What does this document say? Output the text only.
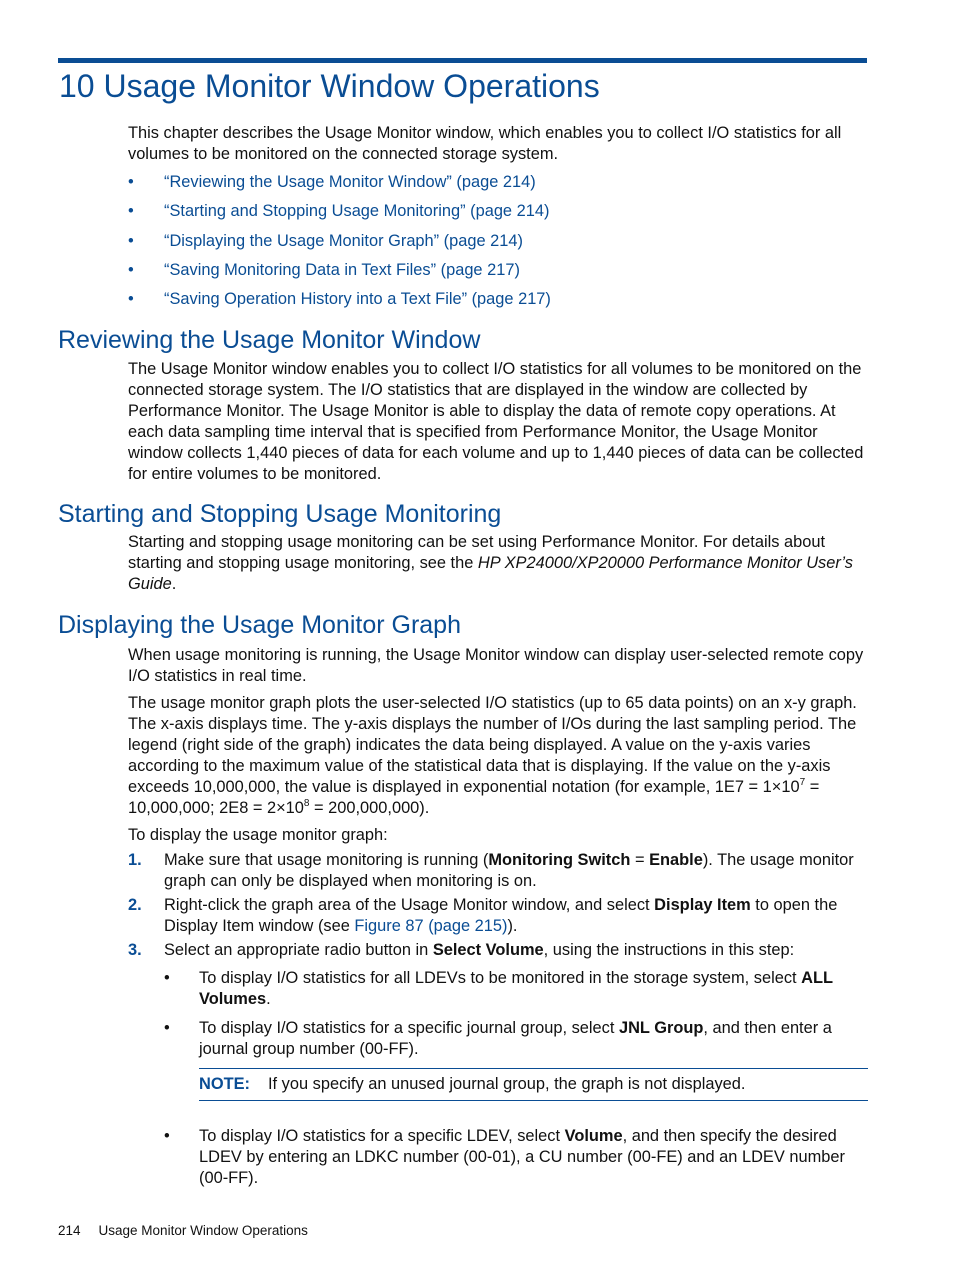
10 Usage Monitor Window Operations

This chapter describes the Usage Monitor window, which enables you to collect I/O statistics for all volumes to be monitored on the connected storage system.

• “Reviewing the Usage Monitor Window” (page 214)
• “Starting and Stopping Usage Monitoring” (page 214)
• “Displaying the Usage Monitor Graph” (page 214)
• “Saving Monitoring Data in Text Files” (page 217)
• “Saving Operation History into a Text File” (page 217)
Reviewing the Usage Monitor Window

The Usage Monitor window enables you to collect I/O statistics for all volumes to be monitored on the connected storage system. The I/O statistics that are displayed in the window are collected by Performance Monitor. The Usage Monitor is able to display the data of remote copy operations. At each data sampling time interval that is specified from Performance Monitor, the Usage Monitor window collects 1,440 pieces of data for each volume and up to 1,440 pieces of data can be collected for entire volumes to be monitored.

Starting and Stopping Usage Monitoring

Starting and stopping usage monitoring can be set using Performance Monitor. For details about starting and stopping usage monitoring, see the HP XP24000/XP20000 Performance Monitor User’s Guide.

Displaying the Usage Monitor Graph

When usage monitoring is running, the Usage Monitor window can display user-selected remote copy I/O statistics in real time.

The usage monitor graph plots the user-selected I/O statistics (up to 65 data points) on an x-y graph. The x-axis displays time. The y-axis displays the number of I/Os during the last sampling period. The legend (right side of the graph) indicates the data being displayed. A value on the y-axis varies according to the maximum value of the statistical data that is displaying. If the value on the y-axis exceeds 10,000,000, the value is displayed in exponential notation (for example, $1E7 = 1\times 10^7 = 10,000,000$; $2E8 = 2\times 10^8 = 200,000,000$).

To display the usage monitor graph:

1. Make sure that usage monitoring is running (Monitoring Switch = Enable). The usage monitor graph can only be displayed when monitoring is on.
2. Right-click the graph area of the Usage Monitor window, and select Display Item to open the Display Item window (see Figure 87 (page 215)).
3. Select an appropriate radio button in Select Volume, using the instructions in this step:
• To display I/O statistics for all LDEVs to be monitored in the storage system, select ALL Volumes.
• To display I/O statistics for a specific journal group, select JNL Group, and then enter a journal group number (00-FF).
NOTE: If you specify an unused journal group, the graph is not displayed.
• To display I/O statistics for a specific LDEV, select Volume, and then specify the desired LDEV by entering an LDKC number (00-01), a CU number (00-FE) and an LDEV number (00-FF).
214 Usage Monitor Window Operations
